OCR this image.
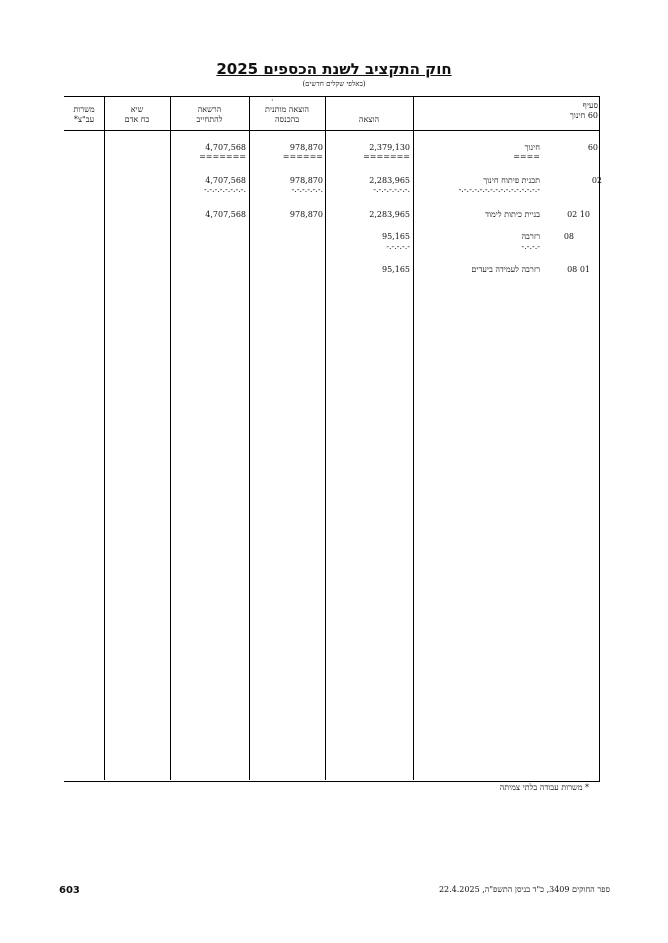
חוק התקציב לשנת הכספים 2025
(באלפי שקלים חדשים)
·
משרות
עב"צ*
שיא
כח אדם
הרשאה
להתחייב
הוצאה מותנית
בהכנסה	הוצאה
סעיף
60 חינוך
60
חינוך
====
2,379,130
=======
978,870
======
4,707,568
=======
02
תכנית פיתוח חינוך
-.-.-.-.-.-.-.-.-.-.-.-.-.-.-.-
2,283,965
-.-.-.-.-.-.-.
978,870
-.-.-.-.-.-.
4,707,568
-.-.-.-.-.-.-.-.
02 10
בניית כיתות לימוד
2,283,965
978,870
4,707,568
08
רזרבה
-.-.-.-
95,165
-.-.-.-.-
08 01
רזרבה לעמידה ביעדים
95,165
* משרות עבודה בלתי צמיתה
603	ספר החוקים 3409, כ"ד בניסן התשפ"ה, 22.4.2025
